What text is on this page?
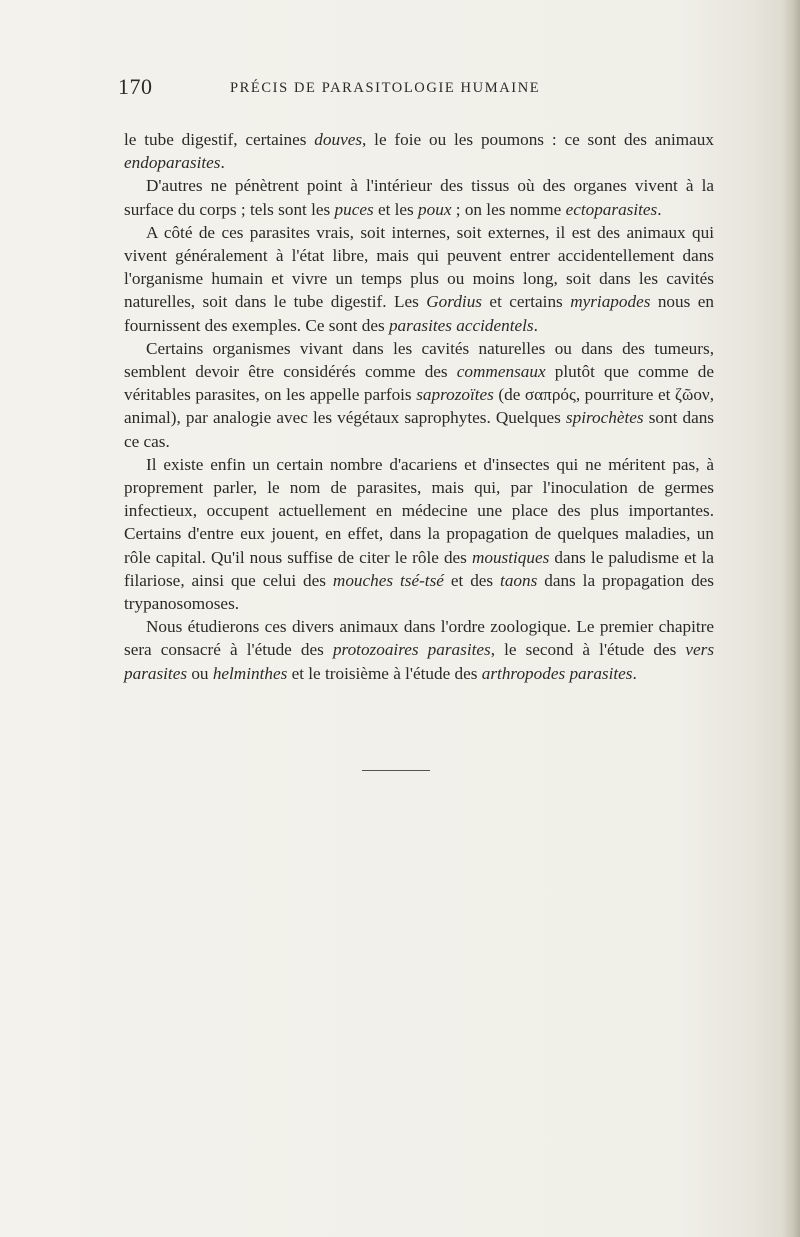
170	PRÉCIS DE PARASITOLOGIE HUMAINE

le tube digestif, certaines douves, le foie ou les poumons : ce sont des animaux endoparasites.

D'autres ne pénètrent point à l'intérieur des tissus où des organes vivent à la surface du corps ; tels sont les puces et les poux ; on les nomme ectoparasites.

A côté de ces parasites vrais, soit internes, soit externes, il est des animaux qui vivent généralement à l'état libre, mais qui peuvent entrer accidentellement dans l'organisme humain et vivre un temps plus ou moins long, soit dans les cavités naturelles, soit dans le tube digestif. Les Gordius et certains myriapodes nous en fournissent des exemples. Ce sont des parasites accidentels.

Certains organismes vivant dans les cavités naturelles ou dans des tumeurs, semblent devoir être considérés comme des commensaux plutôt que comme de véritables parasites, on les appelle parfois saprozoïtes (de σαπρός, pourriture et ζῶον, animal), par analogie avec les végétaux saprophytes. Quelques spirochètes sont dans ce cas.

Il existe enfin un certain nombre d'acariens et d'insectes qui ne méritent pas, à proprement parler, le nom de parasites, mais qui, par l'inoculation de germes infectieux, occupent actuellement en médecine une place des plus importantes. Certains d'entre eux jouent, en effet, dans la propagation de quelques maladies, un rôle capital. Qu'il nous suffise de citer le rôle des moustiques dans le paludisme et la filariose, ainsi que celui des mouches tsé-tsé et des taons dans la propagation des trypanosomoses.

Nous étudierons ces divers animaux dans l'ordre zoologique. Le premier chapitre sera consacré à l'étude des protozoaires parasites, le second à l'étude des vers parasites ou helminthes et le troisième à l'étude des arthropodes parasites.
